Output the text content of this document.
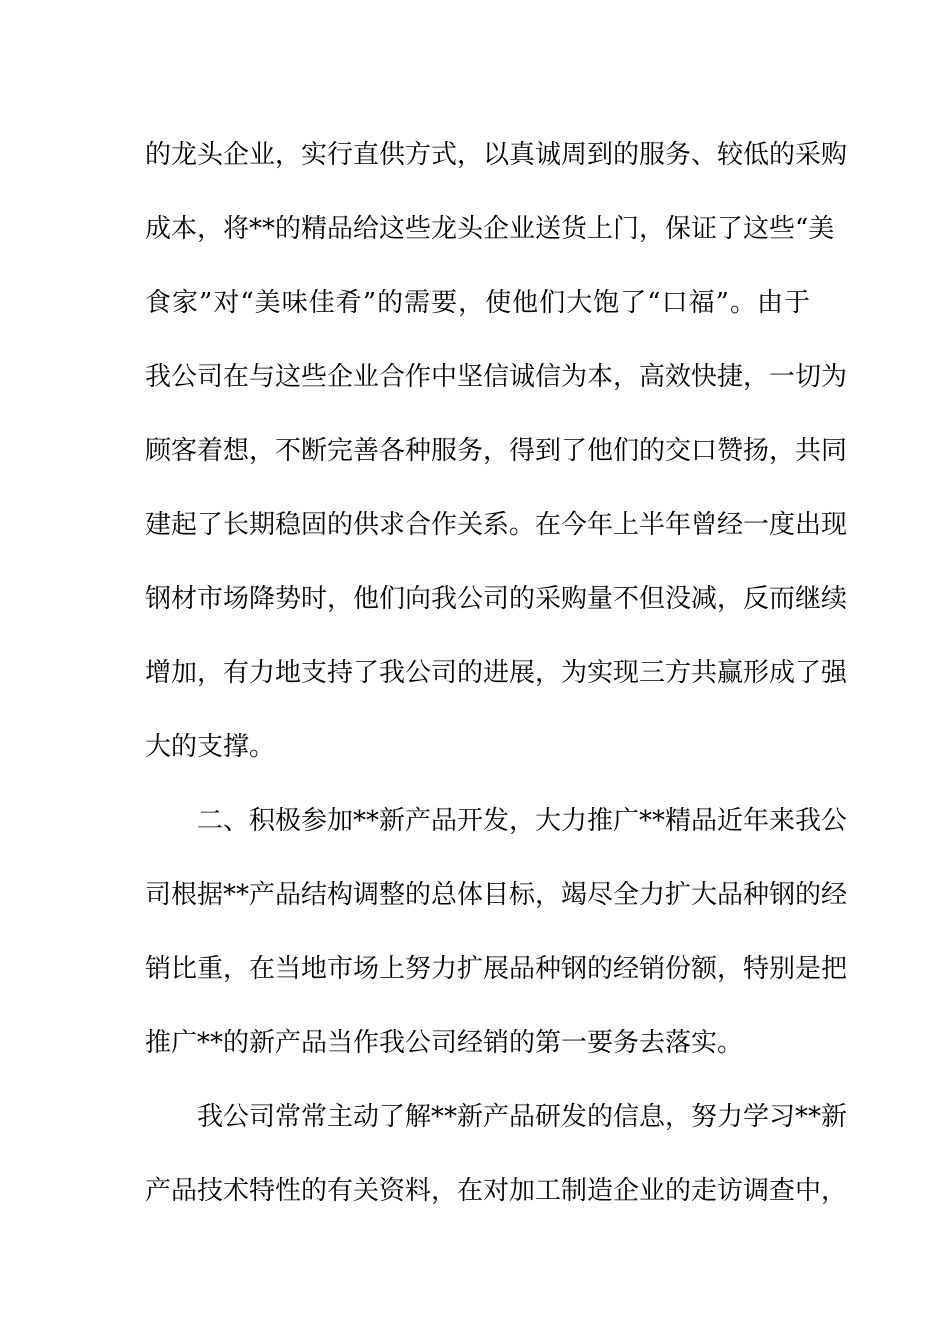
的龙头企业，实行直供方式，以真诚周到的服务、较低的采购
成本，将**的精品给这些龙头企业送货上门，保证了这些“美
食家”对“美味佳肴”的需要，使他们大饱了“口福”。由于
我公司在与这些企业合作中坚信诚信为本，高效快捷，一切为
顾客着想，不断完善各种服务，得到了他们的交口赞扬，共同
建起了长期稳固的供求合作关系。在今年上半年曾经一度出现
钢材市场降势时，他们向我公司的采购量不但没减，反而继续
增加，有力地支持了我公司的进展，为实现三方共赢形成了强
大的支撑。
二、积极参加**新产品开发，大力推广**精品近年来我公
司根据**产品结构调整的总体目标，竭尽全力扩大品种钢的经
销比重，在当地市场上努力扩展品种钢的经销份额，特别是把
推广**的新产品当作我公司经销的第一要务去落实。
我公司常常主动了解**新产品研发的信息，努力学习**新
产品技术特性的有关资料，在对加工制造企业的走访调查中，
